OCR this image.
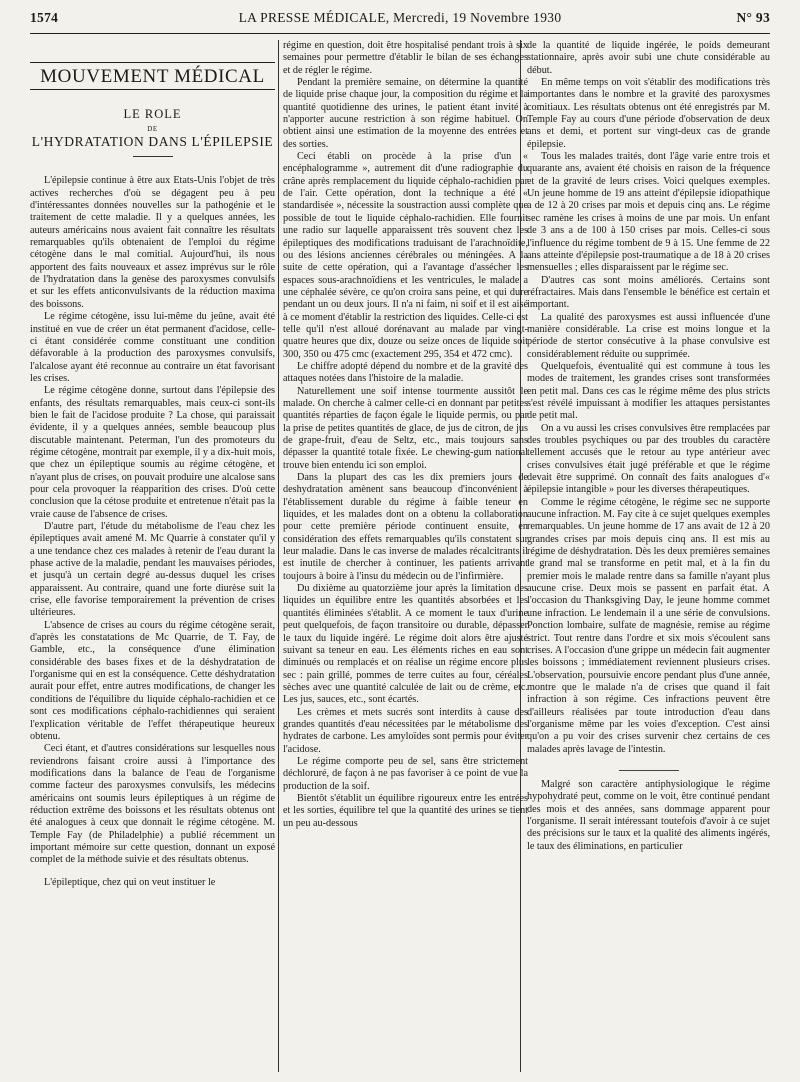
1574	LA PRESSE MÉDICALE, Mercredi, 19 Novembre 1930	N° 93
MOUVEMENT MÉDICAL
LE ROLE
DE
L'HYDRATATION DANS L'ÉPILEPSIE

L'épilepsie continue à être aux Etats-Unis l'objet de très actives recherches d'où se dégagent peu à peu d'intéressantes données nouvelles sur la pathogénie et le traitement de cette maladie. Il y a quelques années, les auteurs américains nous avaient fait connaître les résultats remarquables qu'ils obtenaient de l'emploi du régime cétogène dans le mal comitial. Aujourd'hui, ils nous apportent des faits nouveaux et assez imprévus sur le rôle de l'hydratation dans la genèse des paroxysmes convulsifs et sur les effets anticonvulsivants de la réduction maxima des boissons.

Le régime cétogène, issu lui-même du jeûne, avait été institué en vue de créer un état permanent d'acidose, celle-ci étant considérée comme constituant une condition défavorable à la production des paroxysmes convulsifs, l'alcalose ayant été reconnue au contraire un état favorisant les crises.

Le régime cétogène donne, surtout dans l'épilepsie des enfants, des résultats remarquables, mais ceux-ci sont-ils bien le fait de l'acidose produite ? La chose, qui paraissait évidente, il y a quelques années, semble beaucoup plus discutable maintenant. Peterman, l'un des promoteurs du régime cétogène, montrait par exemple, il y a dix-huit mois, que chez un épileptique soumis au régime cétogène, et n'ayant plus de crises, on pouvait produire une alcalose sans pour cela provoquer la réapparition des crises. D'où cette conclusion que la cétose produite et entretenue n'était pas la vraie cause de l'absence de crises.

D'autre part, l'étude du métabolisme de l'eau chez les épileptiques avait amené M. Mc Quarrie à constater qu'il y a une tendance chez ces malades à retenir de l'eau durant la phase active de la maladie, pendant les mauvaises périodes, et jusqu'à un certain degré au-dessus duquel les crises apparaissent. Au contraire, quand une forte diurèse suit la crise, elle favorise temporairement la prévention de crises ultérieures.

L'absence de crises au cours du régime cétogène serait, d'après les constatations de Mc Quarrie, de T. Fay, de Gamble, etc., la conséquence d'une élimination considérable des bases fixes et de la déshydratation de l'organisme qui en est la conséquence. Cette déshydratation aurait pour effet, entre autres modifications, de changer les conditions de l'équilibre du liquide céphalo-rachidien et ce sont ces modifications céphalo-rachidiennes qui seraient l'explication véritable de l'effet thérapeutique heureux obtenu.

Ceci étant, et d'autres considérations sur lesquelles nous reviendrons faisant croire aussi à l'importance des modifications dans la balance de l'eau de l'organisme comme facteur des paroxysmes convulsifs, les médecins américains ont soumis leurs épileptiques à un régime de réduction extrême des boissons et les résultats obtenus ont été analogues à ceux que donnait le régime cétogène. M. Temple Fay (de Philadelphie) a publié récemment un important mémoire sur cette question, donnant un exposé complet de la méthode suivie et des résultats obtenus.

L'épileptique, chez qui on veut instituer le

régime en question, doit être hospitalisé pendant trois à six semaines pour permettre d'établir le bilan de ses échanges et de régler le régime.

Pendant la première semaine, on détermine la quantité de liquide prise chaque jour, la composition du régime et la quantité quotidienne des urines, le patient étant invité à n'apporter aucune restriction à son régime habituel. On obtient ainsi une estimation de la moyenne des entrées et des sorties.

Ceci établi on procède à la prise d'un « encéphalogramme », autrement dit d'une radiographie du crâne après remplacement du liquide céphalo-rachidien par de l'air. Cette opération, dont la technique a été « standardisée », nécessite la soustraction aussi complète que possible de tout le liquide céphalo-rachidien. Elle fournit une radio sur laquelle apparaissent très souvent chez les épileptiques des modifications traduisant de l'arachnoïdite, ou des lésions anciennes cérébrales ou méningées. A la suite de cette opération, qui a l'avantage d'assécher les espaces sous-arachnoïdiens et les ventricules, le malade a une céphalée sévère, ce qu'on croira sans peine, et qui dure pendant un ou deux jours. Il n'a ni faim, ni soif et il est aisé à ce moment d'établir la restriction des liquides. Celle-ci est telle qu'il n'est alloué dorénavant au malade par vingt-quatre heures que dix, douze ou seize onces de liquide soit 300, 350 ou 475 cmc (exactement 295, 354 et 472 cmc).

Le chiffre adopté dépend du nombre et de la gravité des attaques notées dans l'histoire de la maladie.

Naturellement une soif intense tourmente aussitôt le malade. On cherche à calmer celle-ci en donnant par petites quantités réparties de façon égale le liquide permis, ou par la prise de petites quantités de glace, de jus de citron, de jus de grape-fruit, d'eau de Seltz, etc., mais toujours sans dépasser la quantité totale fixée. Le chewing-gum national trouve bien entendu ici son emploi.

Dans la plupart des cas les dix premiers jours de deshydratation amènent sans beaucoup d'inconvénient à l'établissement durable du régime à faible teneur en liquides, et les malades dont on a obtenu la collaboration pour cette première période continuent ensuite, en considération des effets remarquables qu'ils constatent sur leur maladie. Dans le cas inverse de malades récalcitrants il est inutile de chercher à continuer, les patients arrivant toujours à boire à l'insu du médecin ou de l'infirmière.

Du dixième au quatorzième jour après la limitation des liquides un équilibre entre les quantités absorbées et les quantités éliminées s'établit. A ce moment le taux d'urine peut quelquefois, de façon transitoire ou durable, dépasser le taux du liquide ingéré. Le régime doit alors être ajusté suivant sa teneur en eau. Les éléments riches en eau sont diminués ou remplacés et on réalise un régime encore plus sec : pain grillé, pommes de terre cuites au four, céréales sèches avec une quantité calculée de lait ou de crème, etc. Les jus, sauces, etc., sont écartés.

Les crèmes et mets sucrés sont interdits à cause des grandes quantités d'eau nécessitées par le métabolisme des hydrates de carbone. Les amyloïdes sont permis pour éviter l'acidose.

Le régime comporte peu de sel, sans être strictement déchloruré, de façon à ne pas favoriser à ce point de vue la production de la soif.

Bientôt s'établit un équilibre rigoureux entre les entrées et les sorties, équilibre tel que la quantité des urines se tient un peu au-dessous

de la quantité de liquide ingérée, le poids demeurant stationnaire, après avoir subi une chute considérable au début.

En même temps on voit s'établir des modifications très importantes dans le nombre et la gravité des paroxysmes comitiaux. Les résultats obtenus ont été enregistrés par M. Temple Fay au cours d'une période d'observation de deux ans et demi, et portent sur vingt-deux cas de grande épilepsie.

Tous les malades traités, dont l'âge varie entre trois et quarante ans, avaient été choisis en raison de la fréquence et de la gravité de leurs crises. Voici quelques exemples. Un jeune homme de 19 ans atteint d'épilepsie idiopathique a de 12 à 20 crises par mois et depuis cinq ans. Le régime sec ramène les crises à moins de une par mois. Un enfant de 3 ans a de 100 à 150 crises par mois. Celles-ci sous l'influence du régime tombent de 9 à 15. Une femme de 22 ans atteinte d'épilepsie post-traumatique a de 18 à 20 crises mensuelles ; elles disparaissent par le régime sec.

D'autres cas sont moins améliorés. Certains sont réfractaires. Mais dans l'ensemble le bénéfice est certain et important.

La qualité des paroxysmes est aussi influencée d'une manière considérable. La crise est moins longue et la période de stertor consécutive à la phase convulsive est considérablement réduite ou supprimée.

Quelquefois, éventualité qui est commune à tous les modes de traitement, les grandes crises sont transformées en petit mal. Dans ces cas le régime même des plus stricts s'est révélé impuissant à modifier les attaques persistantes de petit mal.

On a vu aussi les crises convulsives être remplacées par des troubles psychiques ou par des troubles du caractère tellement accusés que le retour au type antérieur avec crises convulsives était jugé préférable et que le régime devait être supprimé. On connaît des faits analogues d'« épilepsie intangible » pour les diverses thérapeutiques.

Comme le régime cétogène, le régime sec ne supporte aucune infraction. M. Fay cite à ce sujet quelques exemples remarquables. Un jeune homme de 17 ans avait de 12 à 20 grandes crises par mois depuis cinq ans. Il est mis au régime de déshydratation. Dès les deux premières semaines le grand mal se transforme en petit mal, et à la fin du premier mois le malade rentre dans sa famille n'ayant plus aucune crise. Deux mois se passent en parfait état. A l'occasion du Thanksgiving Day, le jeune homme commet une infraction. Le lendemain il a une série de convulsions. Ponction lombaire, sulfate de magnésie, remise au régime strict. Tout rentre dans l'ordre et six mois s'écoulent sans crises. A l'occasion d'une grippe un médecin fait augmenter les boissons ; immédiatement reviennent plusieurs crises. L'observation, poursuivie encore pendant plus d'une année, montre que le malade n'a de crises que quand il fait infraction à son régime. Ces infractions peuvent être d'ailleurs réalisées par toute introduction d'eau dans l'organisme même par les voies d'exception. C'est ainsi qu'on a pu voir des crises survenir chez certains de ces malades après lavage de l'intestin.

Malgré son caractère antiphysiologique le régime hypohydraté peut, comme on le voit, être continué pendant des mois et des années, sans dommage apparent pour l'organisme. Il serait intéressant toutefois d'avoir à ce sujet des précisions sur le taux et la qualité des aliments ingérés, le taux des éliminations, en particulier
